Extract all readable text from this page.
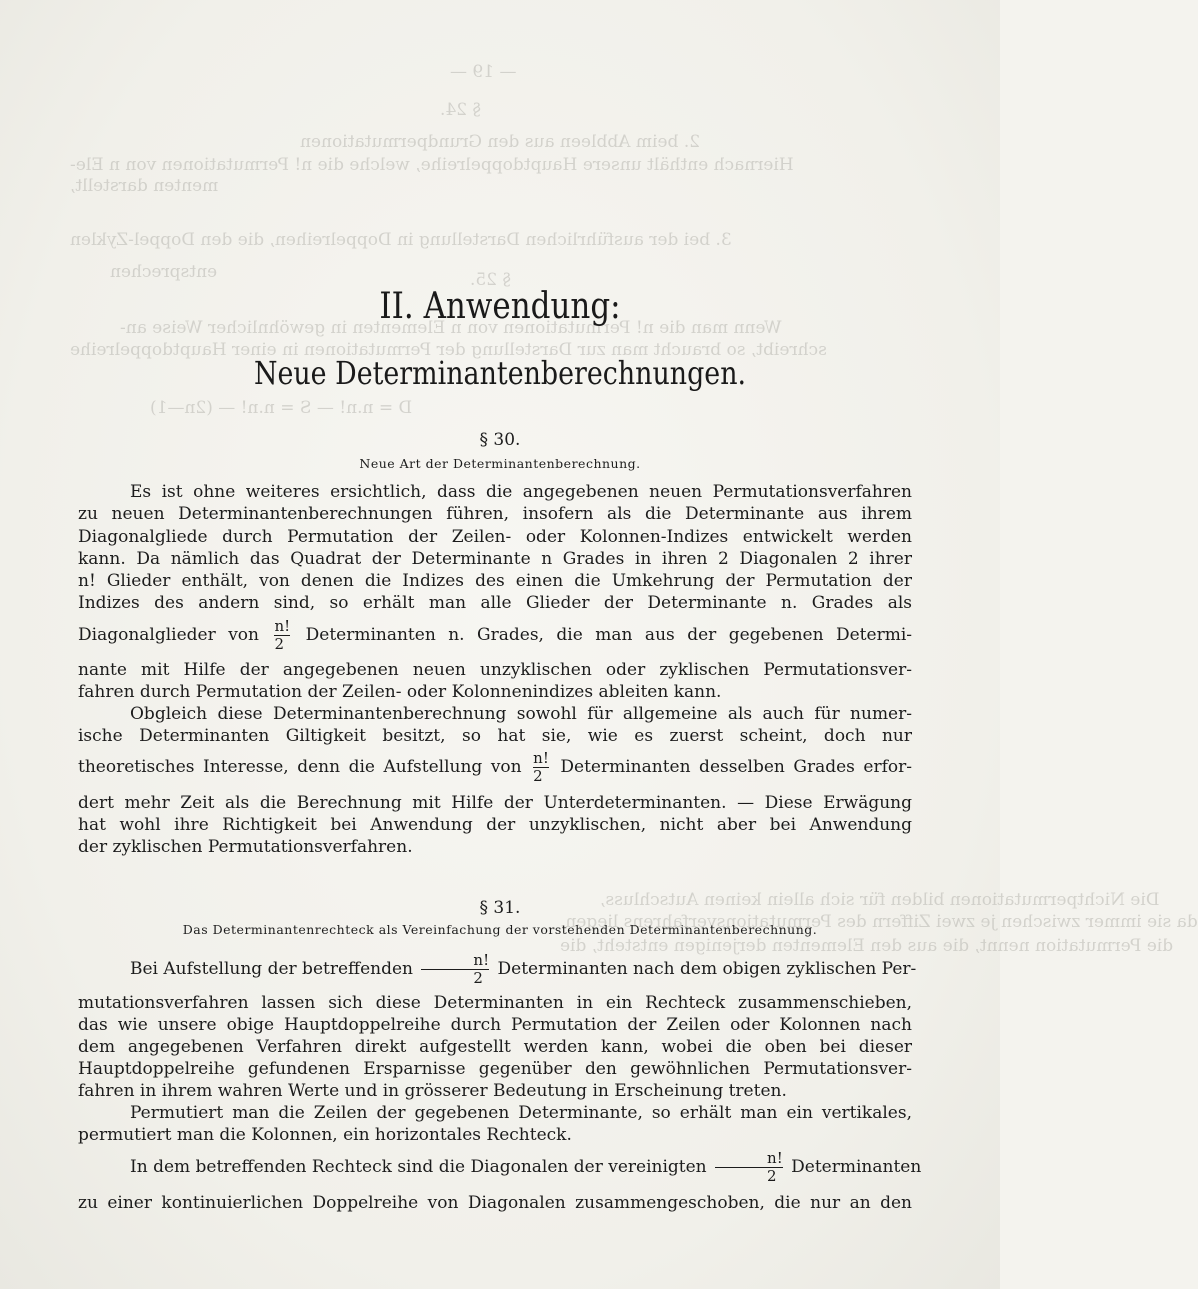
— 19 —
§ 24.
2. beim Abbleen aus den Grundpermutationen
Hiernach enthält unsere Hauptdoppelreihe, welche die n! Permutationen von n Ele-
menten darstellt,
3. bei der ausführlichen Darstellung in Doppelreihen, die den Doppel-Zyklen
entsprechen	§ 25.
Wenn man die n! Permutationen von n Elementen in gewöhnlicher Weise an-
schreibt, so braucht man zur Darstellung der Permutationen in einer Hauptdoppelreihe
D = n.n! — S = n.n! — (2n—1)
Die Nichtpermutationen bilden für sich allein keinen Autschluss,
da sie immer zwischen je zwei Ziffern des Permutationsverfahrens liegen,
die Permutation nennt, die aus den Elementen derjenigen entsteht, die
II. Anwendung:
Neue Determinantenberechnungen.
§ 30.
Neue Art der Determinantenberechnung.
Es ist ohne weiteres ersichtlich, dass die angegebenen neuen Permutationsverfahren
zu neuen Determinantenberechnungen führen, insofern als die Determinante aus ihrem
Diagonalgliede durch Permutation der Zeilen- oder Kolonnen-Indizes entwickelt werden
kann. Da nämlich das Quadrat der Determinante n Grades in ihren 2 Diagonalen 2 ihrer
n! Glieder enthält, von denen die Indizes des einen die Umkehrung der Permutation der
Indizes des andern sind, so erhält man alle Glieder der Determinante n. Grades als
Diagonalglieder von $\frac{n!}{2}$ Determinanten n. Grades, die man aus der gegebenen Determi-
nante mit Hilfe der angegebenen neuen unzyklischen oder zyklischen Permutationsver-
fahren durch Permutation der Zeilen- oder Kolonnenindizes ableiten kann.
Obgleich diese Determinantenberechnung sowohl für allgemeine als auch für numer-
ische Determinanten Giltigkeit besitzt, so hat sie, wie es zuerst scheint, doch nur
theoretisches Interesse, denn die Aufstellung von $\frac{n!}{2}$ Determinanten desselben Grades erfor-
dert mehr Zeit als die Berechnung mit Hilfe der Unterdeterminanten. — Diese Erwägung
hat wohl ihre Richtigkeit bei Anwendung der unzyklischen, nicht aber bei Anwendung
der zyklischen Permutationsverfahren.
§ 31.
Das Determinantenrechteck als Vereinfachung der vorstehenden Determinantenberechnung.
Bei Aufstellung der betreffenden $\frac{n!}{2}$ Determinanten nach dem obigen zyklischen Per-
mutationsverfahren lassen sich diese Determinanten in ein Rechteck zusammenschieben,
das wie unsere obige Hauptdoppelreihe durch Permutation der Zeilen oder Kolonnen nach
dem angegebenen Verfahren direkt aufgestellt werden kann, wobei die oben bei dieser
Hauptdoppelreihe gefundenen Ersparnisse gegenüber den gewöhnlichen Permutationsver-
fahren in ihrem wahren Werte und in grösserer Bedeutung in Erscheinung treten.
Permutiert man die Zeilen der gegebenen Determinante, so erhält man ein vertikales,
permutiert man die Kolonnen, ein horizontales Rechteck.
In dem betreffenden Rechteck sind die Diagonalen der vereinigten $\frac{n!}{2}$ Determinanten
zu einer kontinuierlichen Doppelreihe von Diagonalen zusammengeschoben, die nur an den
